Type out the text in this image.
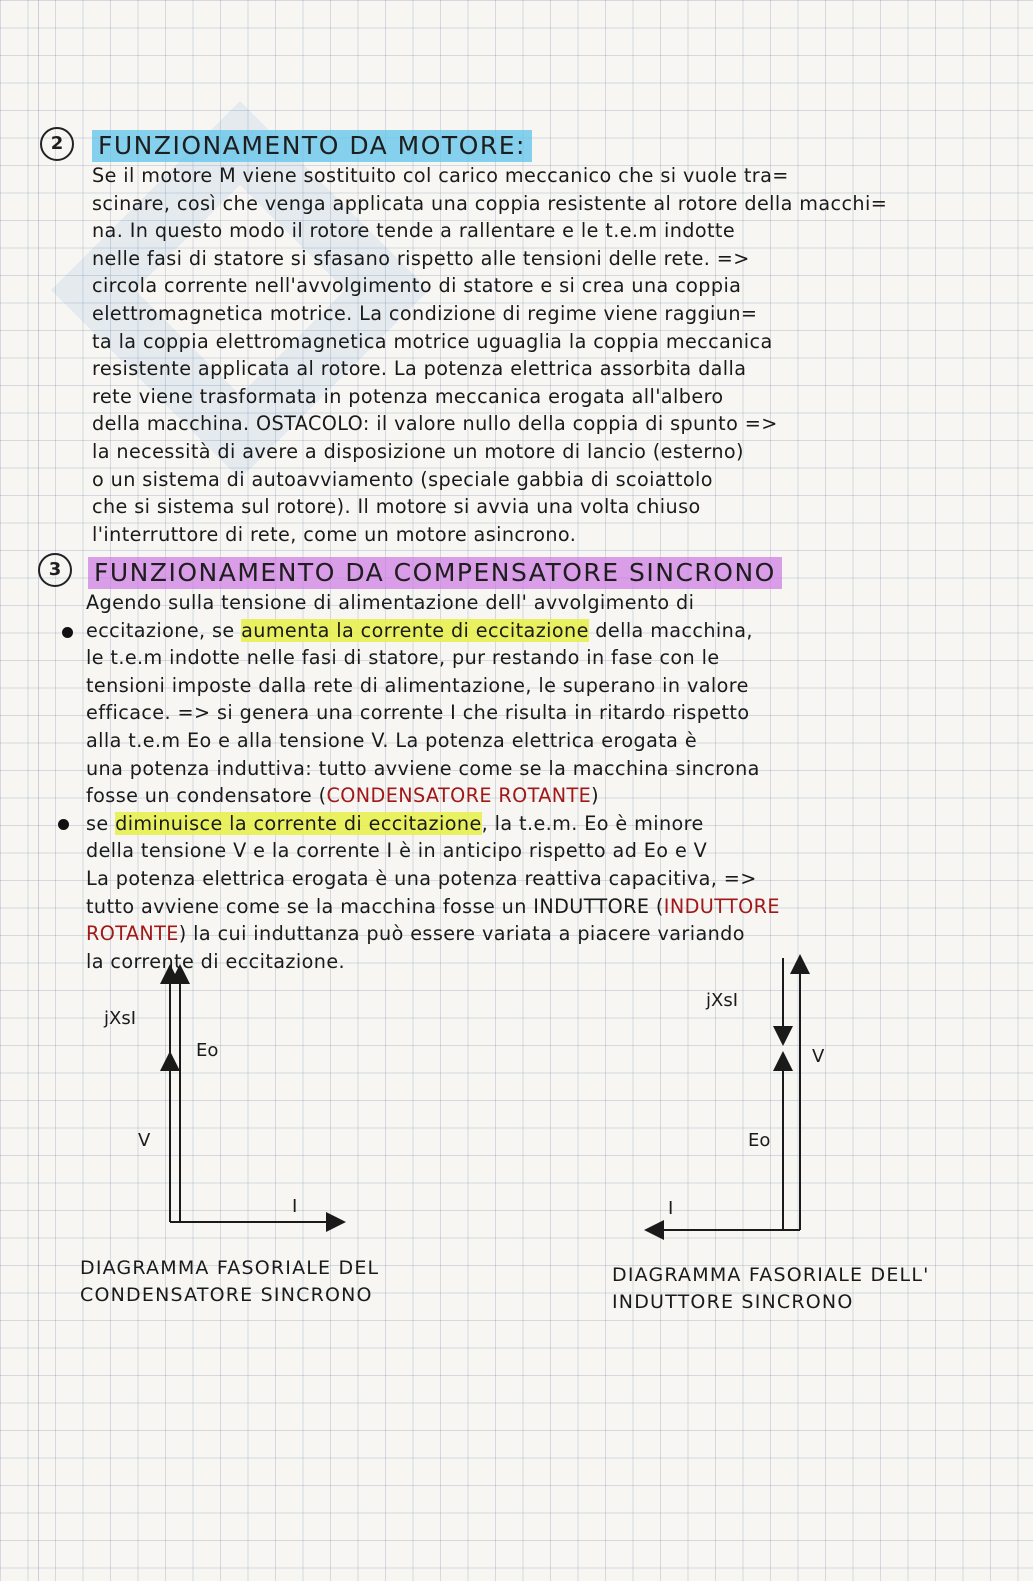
2	FUNZIONAMENTO DA MOTORE:

Se il motore M viene sostituito col carico meccanico che si vuole tra=

scinare, così che venga applicata una coppia resistente al rotore della macchi=

na. In questo modo il rotore tende a rallentare e le t.e.m indotte

nelle fasi di statore si sfasano rispetto alle tensioni delle rete. =>

circola corrente nell'avvolgimento di statore e si crea una coppia

elettromagnetica motrice. La condizione di regime viene raggiun=

ta la coppia elettromagnetica motrice uguaglia la coppia meccanica

resistente applicata al rotore. La potenza elettrica assorbita dalla

rete viene trasformata in potenza meccanica erogata all'albero

della macchina. OSTACOLO: il valore nullo della coppia di spunto =>

la necessità di avere a disposizione un motore di lancio (esterno)

o un sistema di autoavviamento (speciale gabbia di scoiattolo

che si sistema sul rotore). Il motore si avvia una volta chiuso

l'interruttore di rete, come un motore asincrono.

3	FUNZIONAMENTO DA COMPENSATORE SINCRONO

Agendo sulla tensione di alimentazione dell' avvolgimento di

eccitazione, se aumenta la corrente di eccitazione della macchina,

le t.e.m indotte nelle fasi di statore, pur restando in fase con le

tensioni imposte dalla rete di alimentazione, le superano in valore

efficace. => si genera una corrente I che risulta in ritardo rispetto

alla t.e.m Eo e alla tensione V. La potenza elettrica erogata è

una potenza induttiva: tutto avviene come se la macchina sincrona

fosse un condensatore (CONDENSATORE ROTANTE)

se diminuisce la corrente di eccitazione, la t.e.m. Eo è minore

della tensione V e la corrente I è in anticipo rispetto ad Eo e V

La potenza elettrica erogata è una potenza reattiva capacitiva, =>

tutto avviene come se la macchina fosse un INDUTTORE (INDUTTORE

ROTANTE) la cui induttanza può essere variata a piacere variando

la corrente di eccitazione.

jXsI
Eo
V
I
DIAGRAMMA FASORIALE DEL
CONDENSATORE SINCRONO
jXsI
V
Eo
I
DIAGRAMMA FASORIALE DELL'
INDUTTORE SINCRONO
